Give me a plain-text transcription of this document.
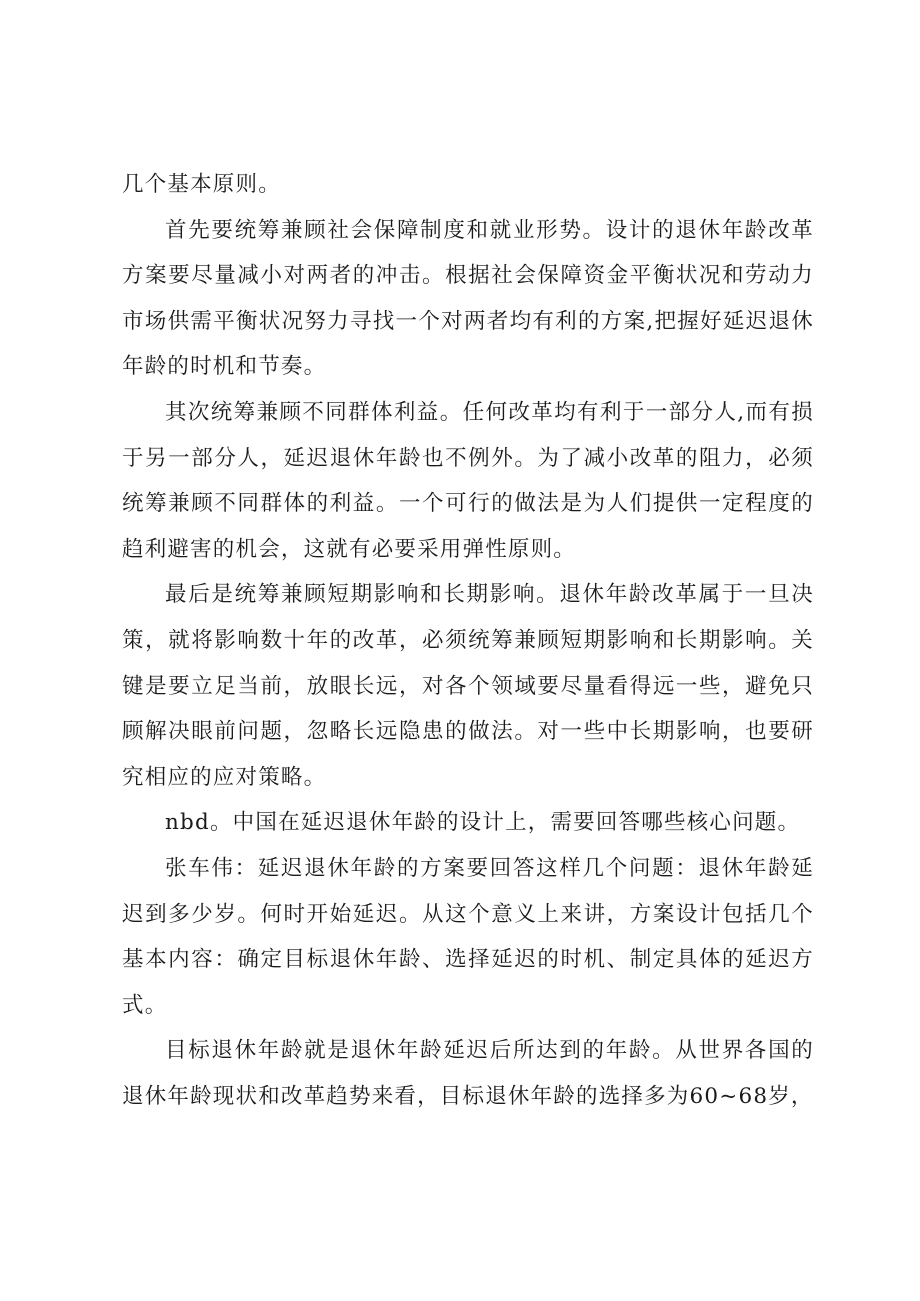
几个基本原则。

首先要统筹兼顾社会保障制度和就业形势。设计的退休年龄改革方案要尽量减小对两者的冲击。根据社会保障资金平衡状况和劳动力市场供需平衡状况努力寻找一个对两者均有利的方案,把握好延迟退休年龄的时机和节奏。

其次统筹兼顾不同群体利益。任何改革均有利于一部分人,而有损于另一部分人，延迟退休年龄也不例外。为了减小改革的阻力，必须统筹兼顾不同群体的利益。一个可行的做法是为人们提供一定程度的趋利避害的机会，这就有必要采用弹性原则。

最后是统筹兼顾短期影响和长期影响。退休年龄改革属于一旦决策，就将影响数十年的改革，必须统筹兼顾短期影响和长期影响。关键是要立足当前，放眼长远，对各个领域要尽量看得远一些，避免只顾解决眼前问题，忽略长远隐患的做法。对一些中长期影响，也要研究相应的应对策略。

nbd。中国在延迟退休年龄的设计上，需要回答哪些核心问题。

张车伟：延迟退休年龄的方案要回答这样几个问题：退休年龄延迟到多少岁。何时开始延迟。从这个意义上来讲，方案设计包括几个基本内容：确定目标退休年龄、选择延迟的时机、制定具体的延迟方式。

目标退休年龄就是退休年龄延迟后所达到的年龄。从世界各国的退休年龄现状和改革趋势来看，目标退休年龄的选择多为60~68岁，
